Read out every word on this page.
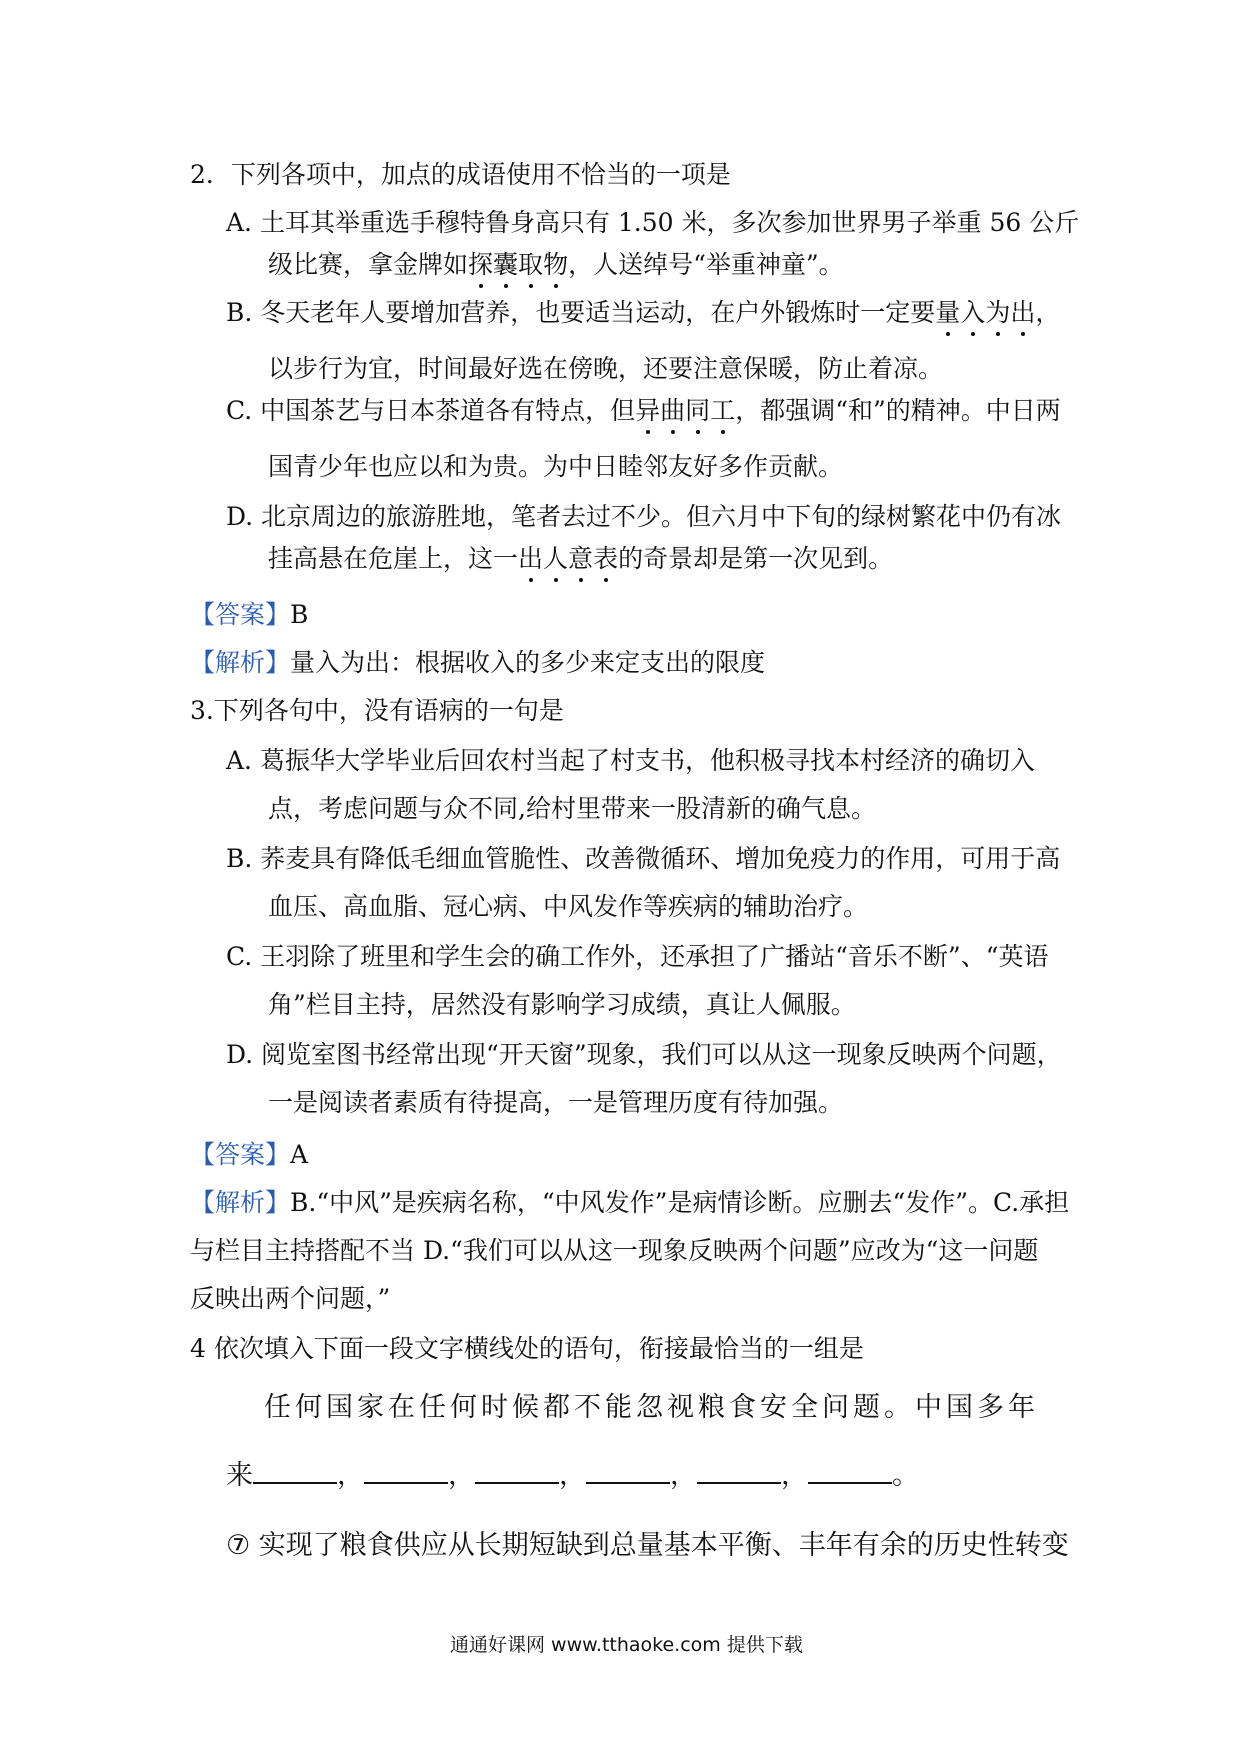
2．下列各项中，加点的成语使用不恰当的一项是
A. 土耳其举重选手穆特鲁身高只有 1.50 米，多次参加世界男子举重 56 公斤
级比赛，拿金牌如探囊取物，人送绰号“举重神童”。
B. 冬天老年人要增加营养，也要适当运动，在户外锻炼时一定要量入为出，
以步行为宜，时间最好选在傍晚，还要注意保暖，防止着凉。
C. 中国茶艺与日本茶道各有特点，但异曲同工，都强调“和”的精神。中日两
国青少年也应以和为贵。为中日睦邻友好多作贡献。
D. 北京周边的旅游胜地，笔者去过不少。但六月中下旬的绿树繁花中仍有冰
挂高悬在危崖上，这一出人意表的奇景却是第一次见到。
【答案】B
【解析】量入为出：根据收入的多少来定支出的限度
3.下列各句中，没有语病的一句是
A. 葛振华大学毕业后回农村当起了村支书，他积极寻找本村经济的确切入
点，考虑问题与众不同,给村里带来一股清新的确气息。
B. 荞麦具有降低毛细血管脆性、改善微循环、增加免疫力的作用，可用于高
血压、高血脂、冠心病、中风发作等疾病的辅助治疗。
C. 王羽除了班里和学生会的确工作外，还承担了广播站“音乐不断”、“英语
角”栏目主持，居然没有影响学习成绩，真让人佩服。
D. 阅览室图书经常出现“开天窗”现象，我们可以从这一现象反映两个问题，
一是阅读者素质有待提高，一是管理历度有待加强。
【答案】A
【解析】B.“中风”是疾病名称，“中风发作”是病情诊断。应删去“发作”。C.承担
与栏目主持搭配不当 D.“我们可以从这一现象反映两个问题”应改为“这一问题
反映出两个问题，”
4 依次填入下面一段文字横线处的语句，衔接最恰当的一组是
任何国家在任何时候都不能忽视粮食安全问题。中国多年
来	，	，	，	，	，	。
⑦ 实现了粮食供应从长期短缺到总量基本平衡、丰年有余的历史性转变
通通好课网 www.tthaoke.com 提供下载
